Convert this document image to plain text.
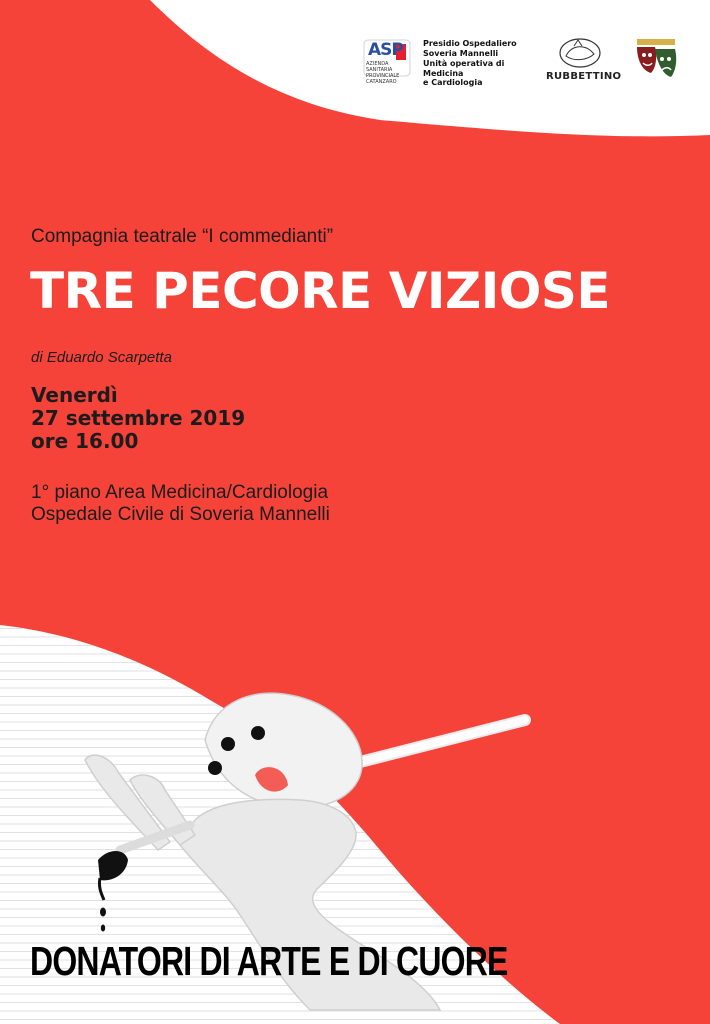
ASP
AZIENDA SANITARIA PROVINCIALE CATANZARO
Presidio Ospedaliero
Soveria Mannelli
Unità operativa di Medicina
e Cardiologia
RUBBETTINO
Compagnia teatrale “I commedianti”
TRE PECORE VIZIOSE
di Eduardo Scarpetta
Venerdì
27 settembre 2019
ore 16.00
1° piano Area Medicina/Cardiologia
Ospedale Civile di Soveria Mannelli
DONATORI DI ARTE E DI CUORE
